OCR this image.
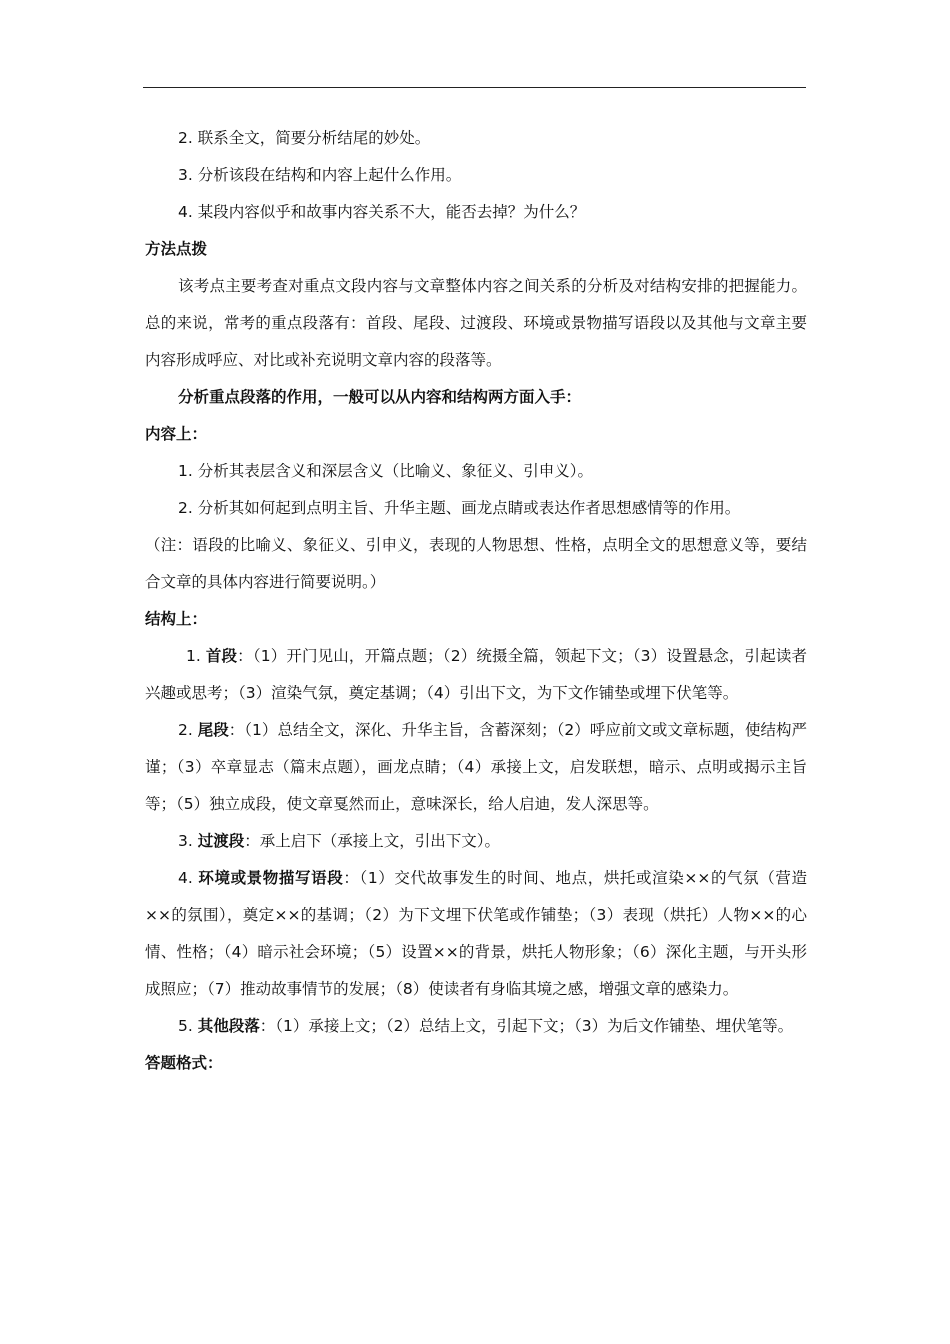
2. 联系全文，简要分析结尾的妙处。

3. 分析该段在结构和内容上起什么作用。

4. 某段内容似乎和故事内容关系不大，能否去掉？为什么？

方法点拨

该考点主要考查对重点文段内容与文章整体内容之间关系的分析及对结构安排的把握能力。总的来说，常考的重点段落有：首段、尾段、过渡段、环境或景物描写语段以及其他与文章主要内容形成呼应、对比或补充说明文章内容的段落等。

分析重点段落的作用，一般可以从内容和结构两方面入手：

内容上：

1. 分析其表层含义和深层含义（比喻义、象征义、引申义）。

2. 分析其如何起到点明主旨、升华主题、画龙点睛或表达作者思想感情等的作用。

（注：语段的比喻义、象征义、引申义，表现的人物思想、性格，点明全文的思想意义等，要结合文章的具体内容进行简要说明。）

结构上：

1. 首段：（1）开门见山，开篇点题；（2）统摄全篇，领起下文；（3）设置悬念，引起读者兴趣或思考；（3）渲染气氛，奠定基调；（4）引出下文，为下文作铺垫或埋下伏笔等。

2. 尾段：（1）总结全文，深化、升华主旨，含蓄深刻；（2）呼应前文或文章标题，使结构严谨；（3）卒章显志（篇末点题），画龙点睛；（4）承接上文，启发联想，暗示、点明或揭示主旨等；（5）独立成段，使文章戛然而止，意味深长，给人启迪，发人深思等。

3. 过渡段：承上启下（承接上文，引出下文）。

4. 环境或景物描写语段：（1）交代故事发生的时间、地点，烘托或渲染××的气氛（营造××的氛围），奠定××的基调；（2）为下文埋下伏笔或作铺垫；（3）表现（烘托）人物××的心情、性格；（4）暗示社会环境；（5）设置××的背景，烘托人物形象；（6）深化主题，与开头形成照应；（7）推动故事情节的发展；（8）使读者有身临其境之感，增强文章的感染力。

5. 其他段落：（1）承接上文；（2）总结上文，引起下文；（3）为后文作铺垫、埋伏笔等。

答题格式：
